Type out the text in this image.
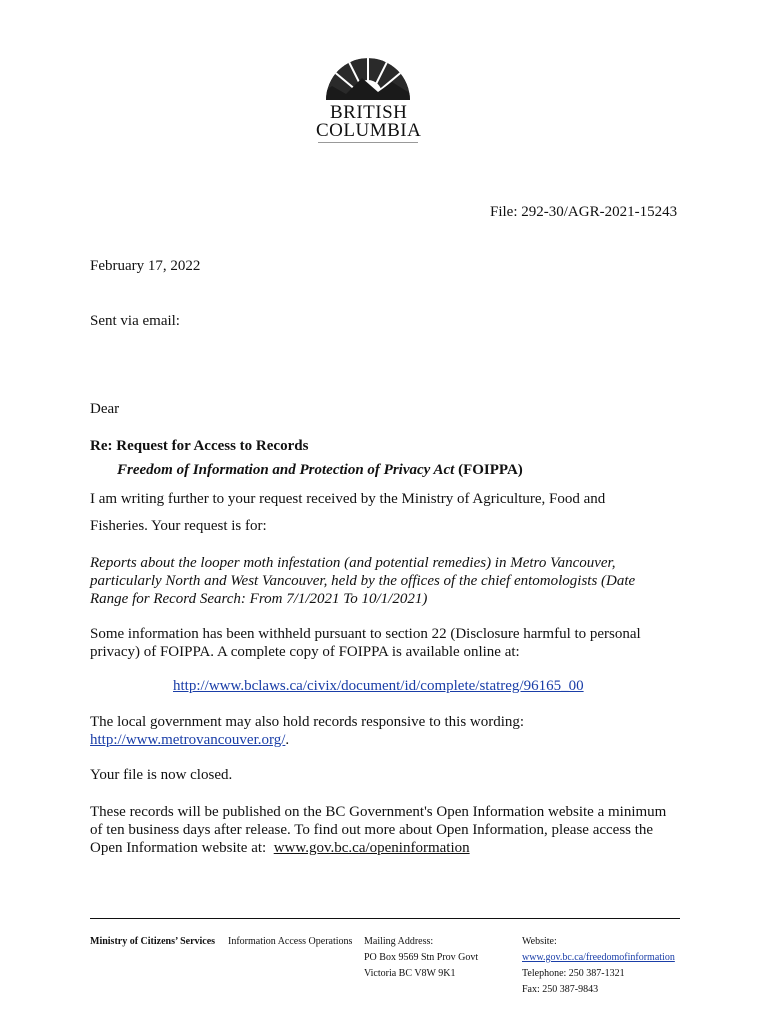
BRITISH
COLUMBIA
File: 292-30/AGR-2021-15243
February 17, 2022
Sent via email:
Dear
Re: Request for Access to Records
Freedom of Information and Protection of Privacy Act (FOIPPA)
I am writing further to your request received by the Ministry of Agriculture, Food and
Fisheries. Your request is for:
Reports about the looper moth infestation (and potential remedies) in Metro Vancouver,
particularly North and West Vancouver, held by the offices of the chief entomologists (Date
Range for Record Search: From 7/1/2021 To 10/1/2021)
Some information has been withheld pursuant to section 22 (Disclosure harmful to personal
privacy) of FOIPPA. A complete copy of FOIPPA is available online at:
http://www.bclaws.ca/civix/document/id/complete/statreg/96165_00
The local government may also hold records responsive to this wording:
http://www.metrovancouver.org/.
Your file is now closed.
These records will be published on the BC Government's Open Information website a minimum
of ten business days after release. To find out more about Open Information, please access the
Open Information website at:  www.gov.bc.ca/openinformation
Ministry of Citizens’ Services Information Access Operations Mailing Address:
PO Box 9569 Stn Prov Govt
Victoria BC V8W 9K1
Website:
www.gov.bc.ca/freedomofinformation
Telephone: 250 387-1321
Fax: 250 387-9843
